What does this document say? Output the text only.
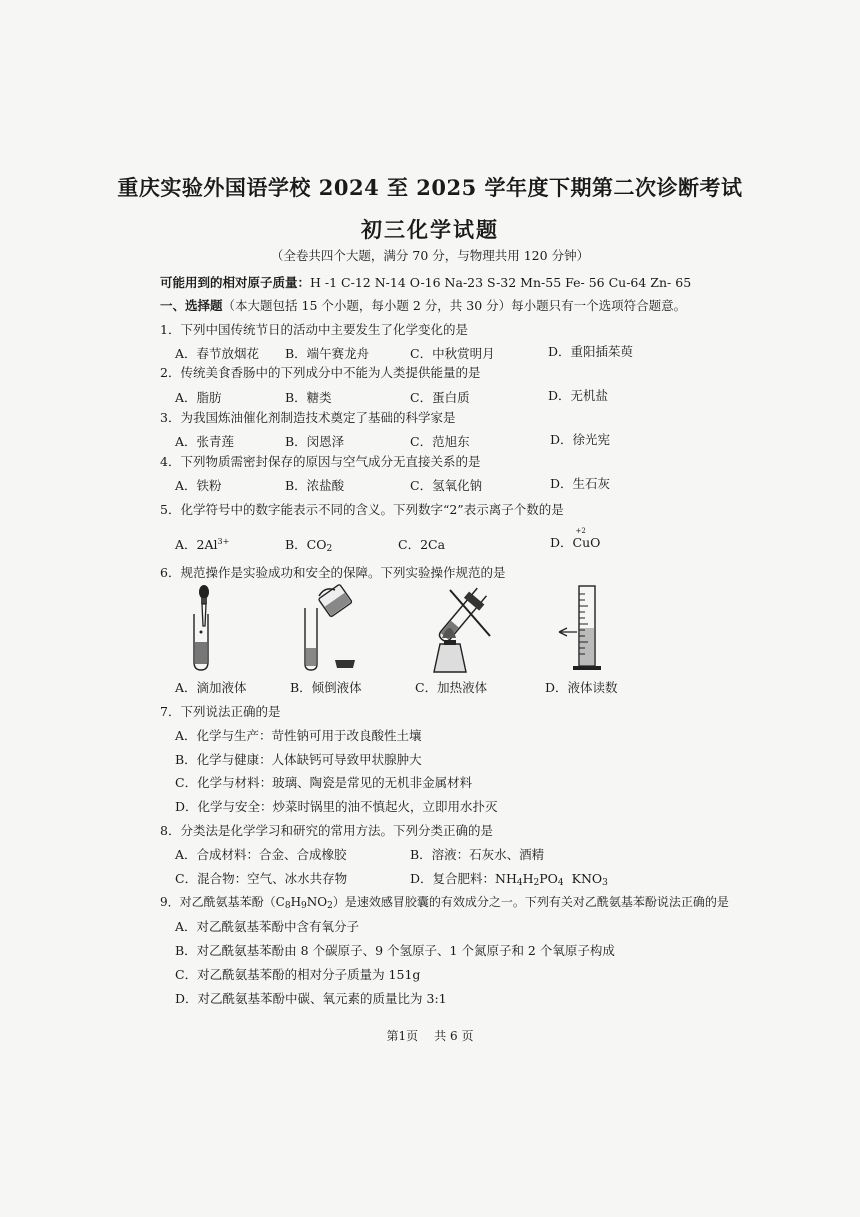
重庆实验外国语学校 2024 至 2025 学年度下期第二次诊断考试
初三化学试题
（全卷共四个大题，满分 70 分，与物理共用 120 分钟）
可能用到的相对原子质量：H -1 C-12 N-14 O-16 Na-23 S-32 Mn-55 Fe- 56 Cu-64 Zn- 65
一、选择题（本大题包括 15 个小题，每小题 2 分，共 30 分）每小题只有一个选项符合题意。
1．下列中国传统节日的活动中主要发生了化学变化的是
A．春节放烟花 B．端午赛龙舟	C．中秋赏明月	D．重阳插茱萸
2．传统美食香肠中的下列成分中不能为人类提供能量的是
A．脂肪	B．糖类	C．蛋白质	D．无机盐
3．为我国炼油催化剂制造技术奠定了基础的科学家是
A．张青莲	B．闵恩泽	C．范旭东	D．徐光宪
4．下列物质需密封保存的原因与空气成分无直接关系的是
A．铁粉	B．浓盐酸	C．氢氧化钠	D．生石灰
5．化学符号中的数字能表示不同的含义。下列数字“2”表示离子个数的是
A．$2Al^{3+}$	B．$CO_2$	C．2Ca	D．
+2
CuO
6．规范操作是实验成功和安全的保障。下列实验操作规范的是
A．滴加液体	B．倾倒液体	C．加热液体	D．液体读数
7．下列说法正确的是
A．化学与生产：苛性钠可用于改良酸性土壤
B．化学与健康：人体缺钙可导致甲状腺肿大
C．化学与材料：玻璃、陶瓷是常见的无机非金属材料
D．化学与安全：炒菜时锅里的油不慎起火，立即用水扑灭
8．分类法是化学学习和研究的常用方法。下列分类正确的是
A．合成材料：合金、合成橡胶	B．溶液：石灰水、酒精
C．混合物：空气、冰水共存物	D．复合肥料：$NH_4H_2PO_4$ $KNO_3$
9．对乙酰氨基苯酚$(C_8H_9NO_2)$是速效感冒胶囊的有效成分之一。下列有关对乙酰氨基苯酚说法正确的是
A．对乙酰氨基苯酚中含有氧分子
B．对乙酰氨基苯酚由 8 个碳原子、9 个氢原子、1 个氮原子和 2 个氧原子构成
C．对乙酰氨基苯酚的相对分子质量为 151g
D．对乙酰氨基苯酚中碳、氧元素的质量比为 3:1
第1页 共 6 页
